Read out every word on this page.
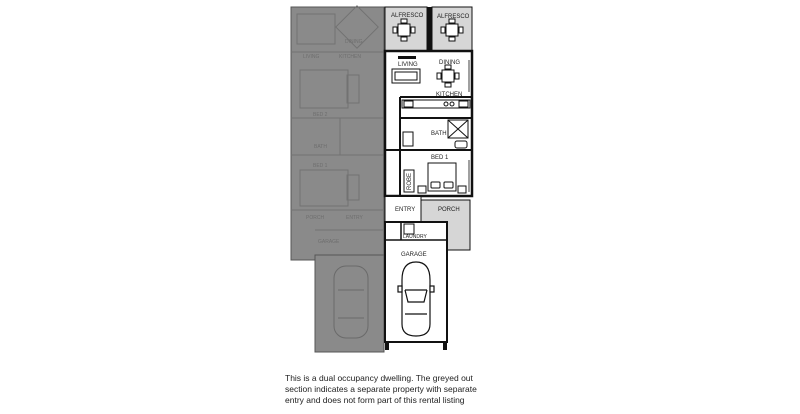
DINING
KITCHEN
LIVING
BED 2
BATH
BED 1
PORCH	ENTRY
GARAGE
ALFRESCO ALFRESCO
LIVING	DINING
KITCHEN
BATH
BED 1
ROBE
ENTRY	PORCH
LAUNDRY
GARAGE
This is a dual occupancy dwelling. The greyed out
section indicates a separate property with separate
entry and does not form part of this rental listing
